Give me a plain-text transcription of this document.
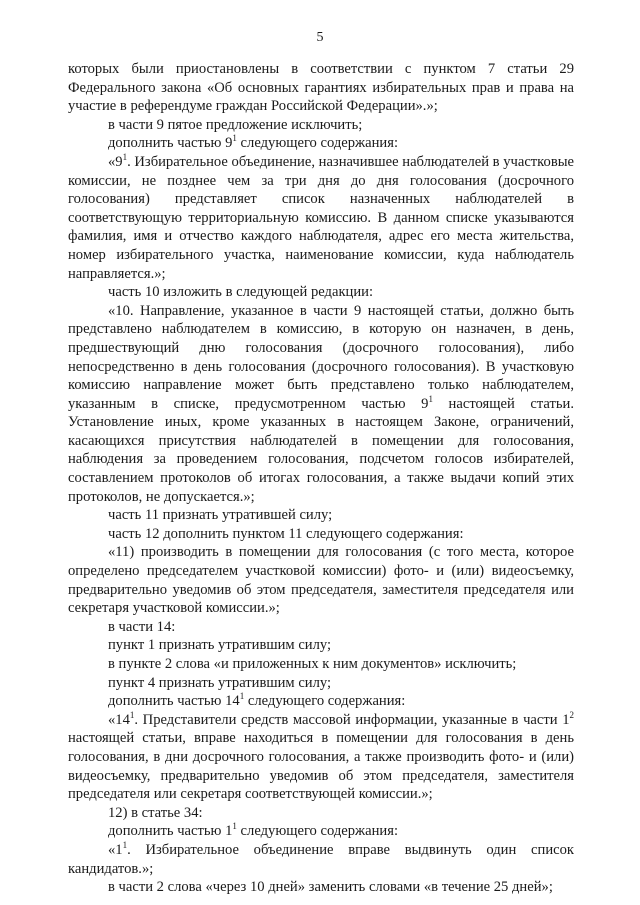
5

которых были приостановлены в соответствии с пунктом 7 статьи 29 Федерального закона «Об основных гарантиях избирательных прав и права на участие в референдуме граждан Российской Федерации».»;

в части 9 пятое предложение исключить;

дополнить частью $9^1$ следующего содержания:

«$9^1$. Избирательное объединение, назначившее наблюдателей в участковые комиссии, не позднее чем за три дня до дня голосования (досрочного голосования) представляет список назначенных наблюдателей в соответствующую территориальную комиссию. В данном списке указываются фамилия, имя и отчество каждого наблюдателя, адрес его места жительства, номер избирательного участка, наименование комиссии, куда наблюдатель направляется.»;

часть 10 изложить в следующей редакции:

«10. Направление, указанное в части 9 настоящей статьи, должно быть представлено наблюдателем в комиссию, в которую он назначен, в день, предшествующий дню голосования (досрочного голосования), либо непосредственно в день голосования (досрочного голосования). В участковую комиссию направление может быть представлено только наблюдателем, указанным в списке, предусмотренном частью $9^1$ настоящей статьи. Установление иных, кроме указанных в настоящем Законе, ограничений, касающихся присутствия наблюдателей в помещении для голосования, наблюдения за проведением голосования, подсчетом голосов избирателей, составлением протоколов об итогах голосования, а также выдачи копий этих протоколов, не допускается.»;

часть 11 признать утратившей силу;

часть 12 дополнить пунктом 11 следующего содержания:

«11) производить в помещении для голосования (с того места, которое определено председателем участковой комиссии) фото- и (или) видеосъемку, предварительно уведомив об этом председателя, заместителя председателя или секретаря участковой комиссии.»;

в части 14:

пункт 1 признать утратившим силу;

в пункте 2 слова «и приложенных к ним документов» исключить;

пункт 4 признать утратившим силу;

дополнить частью $14^1$ следующего содержания:

«$14^1$. Представители средств массовой информации, указанные в части $1^2$ настоящей статьи, вправе находиться в помещении для голосования в день голосования, в дни досрочного голосования, а также производить фото- и (или) видеосъемку, предварительно уведомив об этом председателя, заместителя председателя или секретаря соответствующей комиссии.»;

12) в статье 34:

дополнить частью $1^1$ следующего содержания:

«$1^1$. Избирательное объединение вправе выдвинуть один список кандидатов.»;

в части 2 слова «через 10 дней» заменить словами «в течение 25 дней»;
